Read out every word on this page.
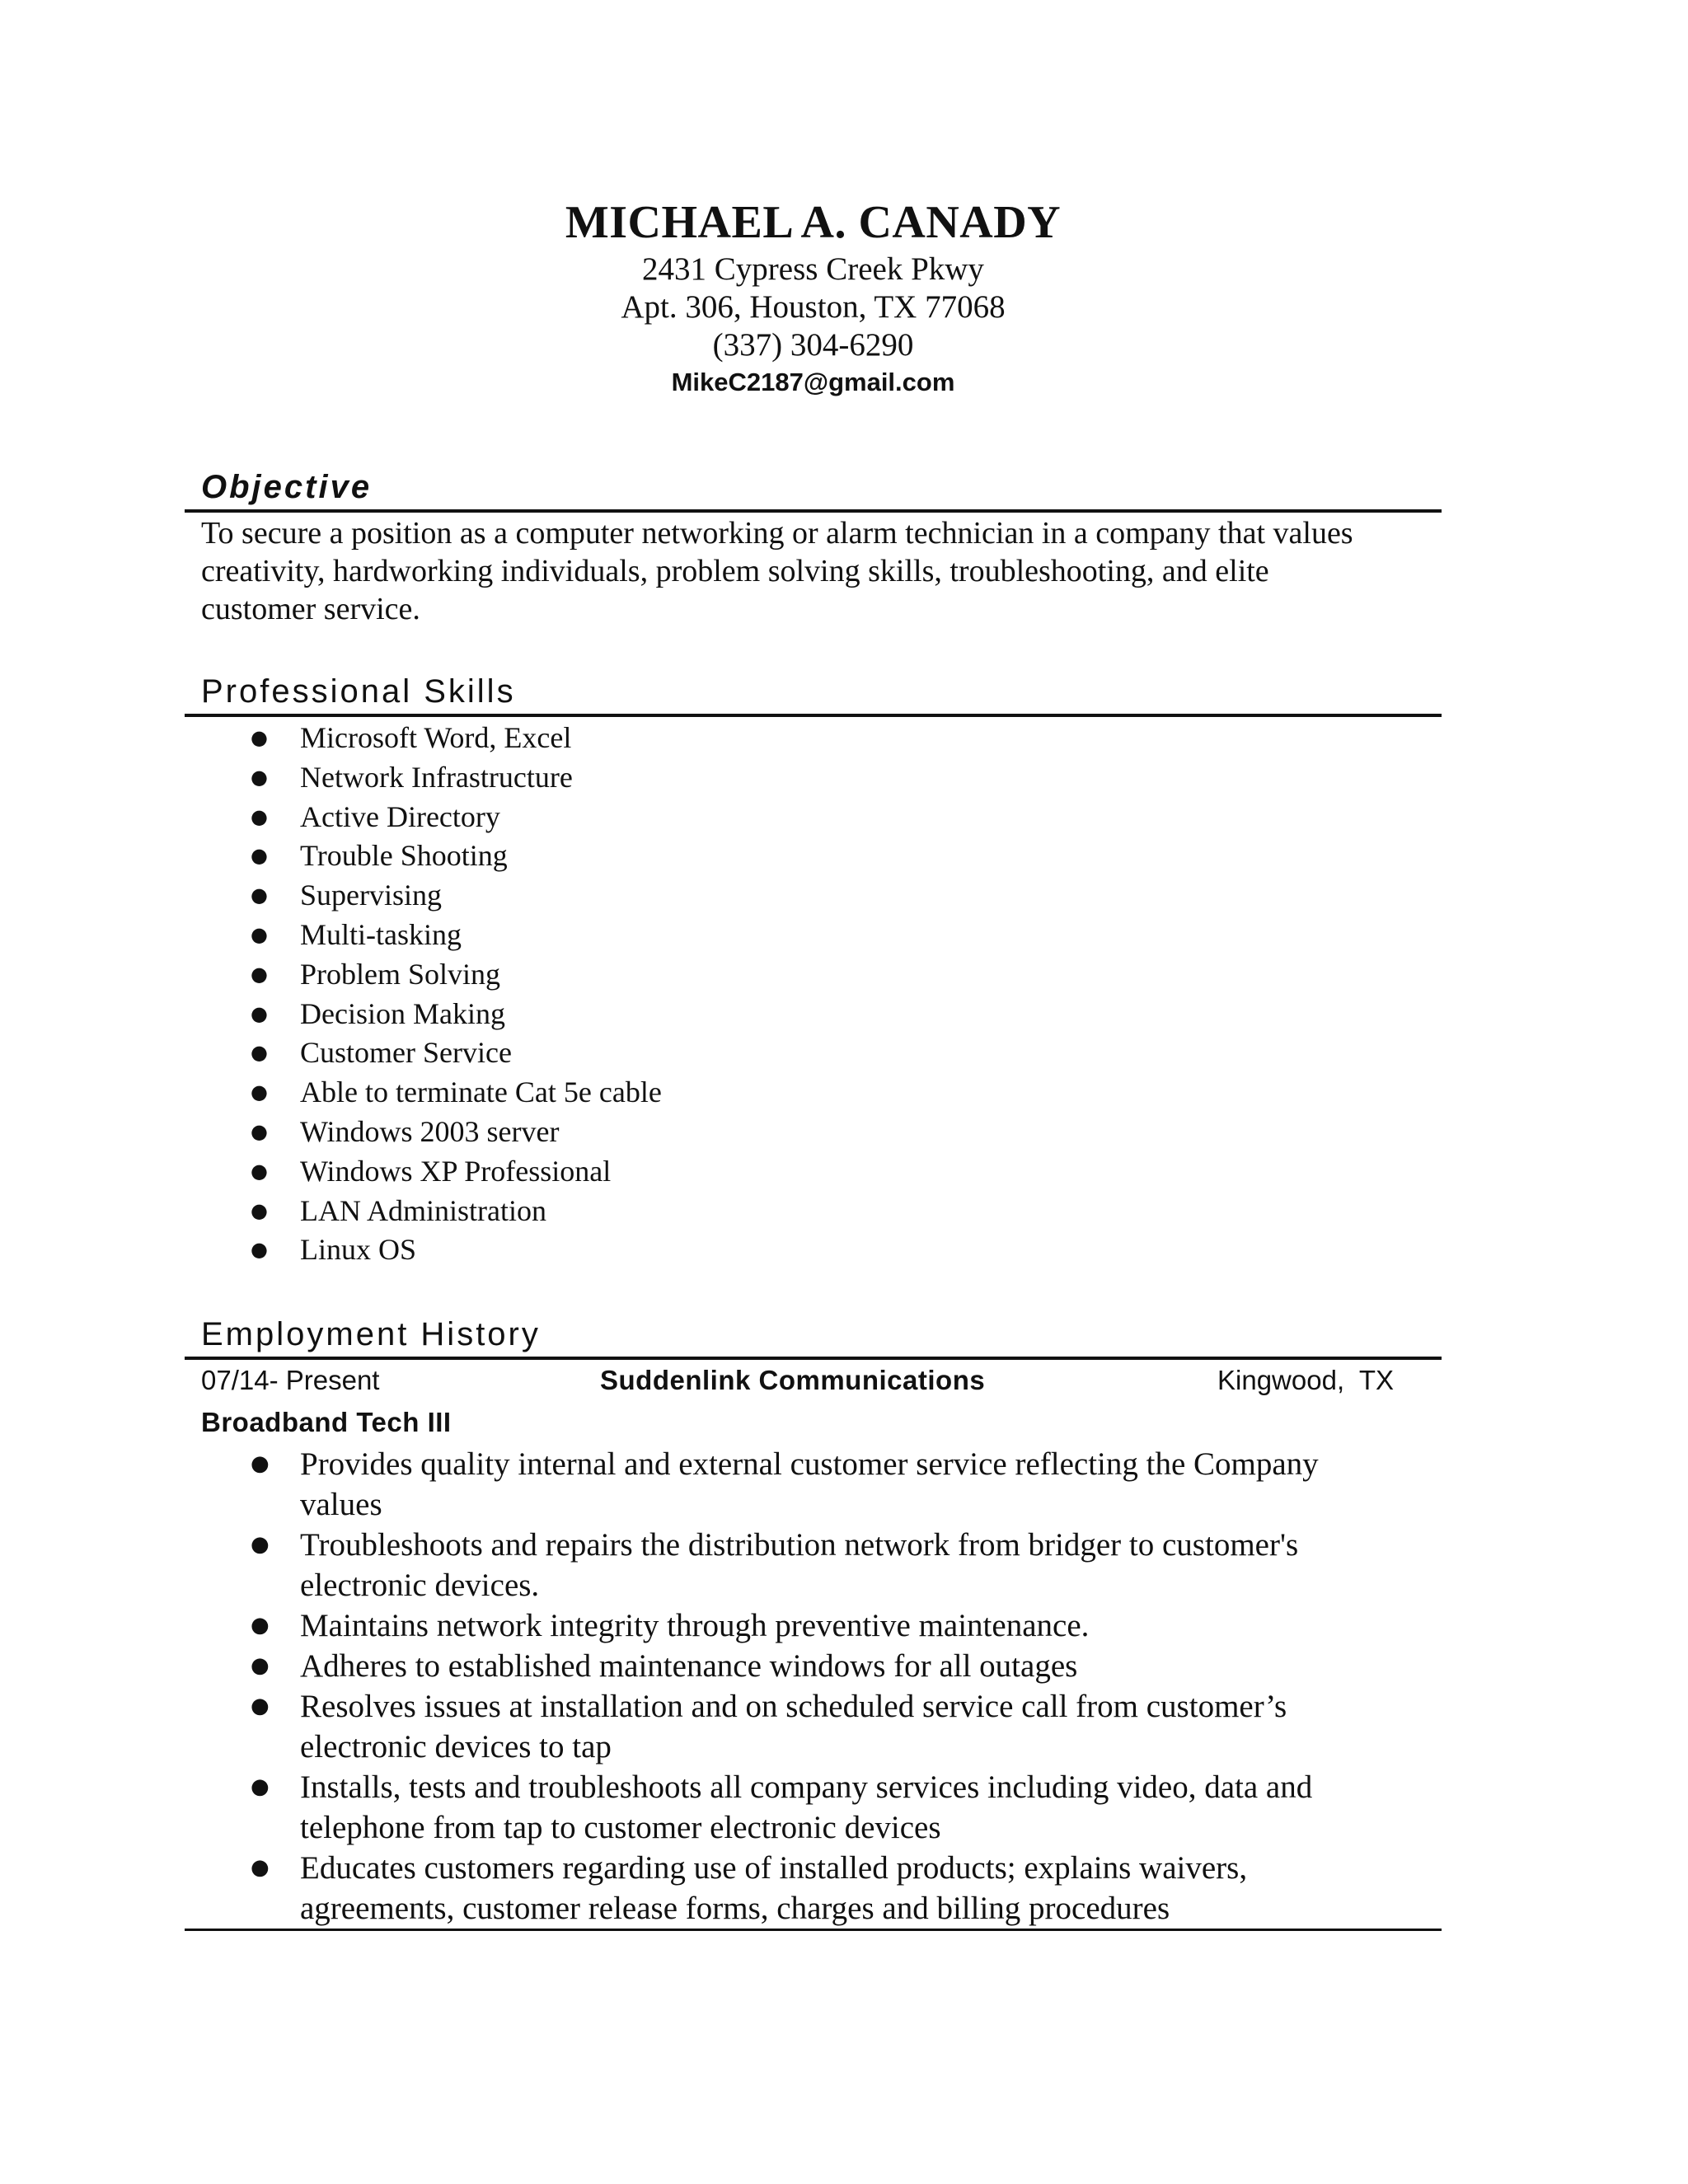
MICHAEL A. CANADY
2431 Cypress Creek Pkwy
Apt. 306, Houston, TX 77068
(337) 304-6290
MikeC2187@gmail.com
Objective
To secure a position as a computer networking or alarm technician in a company that values
creativity, hardworking individuals, problem solving skills, troubleshooting, and elite
customer service.
Professional Skills
● Microsoft Word, Excel
● Network Infrastructure
● Active Directory
● Trouble Shooting
● Supervising
● Multi-tasking
● Problem Solving
● Decision Making
● Customer Service
● Able to terminate Cat 5e cable
● Windows 2003 server
● Windows XP Professional
● LAN Administration
● Linux OS
Employment History
07/14- Present	Suddenlink Communications	Kingwood,  TX
Broadband Tech III
● Provides quality internal and external customer service reflecting the Company
values
● Troubleshoots and repairs the distribution network from bridger to customer's
electronic devices.
● Maintains network integrity through preventive maintenance.
● Adheres to established maintenance windows for all outages
● Resolves issues at installation and on scheduled service call from customer’s
electronic devices to tap
● Installs, tests and troubleshoots all company services including video, data and
telephone from tap to customer electronic devices
● Educates customers regarding use of installed products; explains waivers,
agreements, customer release forms, charges and billing procedures
